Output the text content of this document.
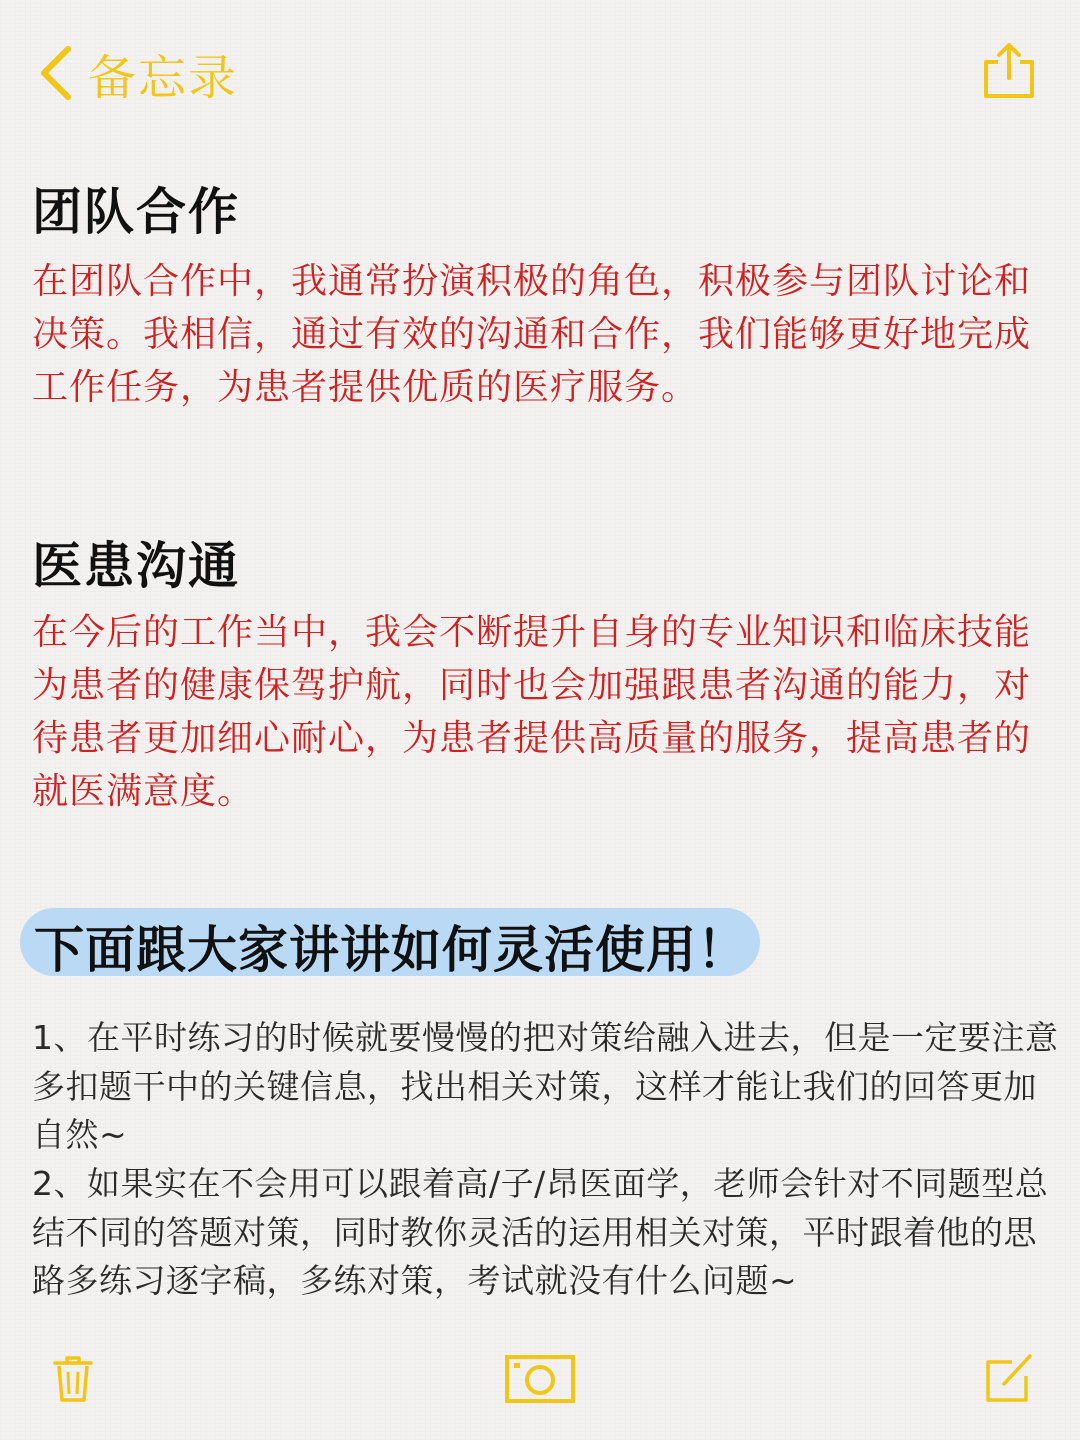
备忘录
团队合作

在团队合作中，我通常扮演积极的角色，积极参与团队讨论和决策。我相信，通过有效的沟通和合作，我们能够更好地完成工作任务，为患者提供优质的医疗服务。

医患沟通

在今后的工作当中，我会不断提升自身的专业知识和临床技能为患者的健康保驾护航，同时也会加强跟患者沟通的能力，对待患者更加细心耐心，为患者提供高质量的服务，提高患者的就医满意度。

下面跟大家讲讲如何灵活使用！

1、在平时练习的时候就要慢慢的把对策给融入进去，但是一定要注意多扣题干中的关键信息，找出相关对策，这样才能让我们的回答更加自然~

2、如果实在不会用可以跟着高/子/昂医面学，老师会针对不同题型总结不同的答题对策，同时教你灵活的运用相关对策，平时跟着他的思路多练习逐字稿，多练对策，考试就没有什么问题~
